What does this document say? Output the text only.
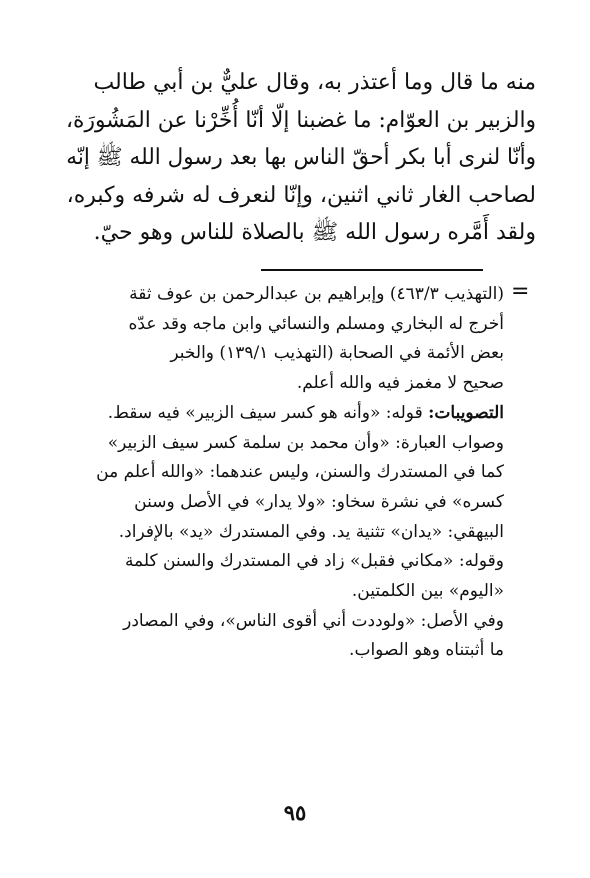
منه ما قال وما أعتذر به، وقال عليٌّ بن أبي طالب
والزبير بن العوّام: ما غضبنا إلّا أنّا أُخِّرْنا عن المَشُورَة،
وأنّا لنرى أبا بكر أحقّ الناس بها بعد رسول الله ﷺ إنّه
لصاحب الغار ثاني اثنين، وإنّا لنعرف له شرفه وكبره،
ولقد أَمَّره رسول الله ﷺ بالصلاة للناس وهو حيّ.
=
(التهذيب ٤٦٣/٣) وإبراهيم بن عبدالرحمن بن عوف ثقة
أخرج له البخاري ومسلم والنسائي وابن ماجه وقد عدّه
بعض الأئمة في الصحابة (التهذيب ١٣٩/١) والخبر
صحيح لا مغمز فيه والله أعلم.
التصويبات: قوله: «وأنه هو كسر سيف الزبير» فيه سقط.
وصواب العبارة: «وأن محمد بن سلمة كسر سيف الزبير»
كما في المستدرك والسنن، وليس عندهما: «والله أعلم من
كسره» في نشرة سخاو: «ولا يدار» في الأصل وسنن
البيهقي: «يدان» تثنية يد. وفي المستدرك «يد» بالإفراد.
وقوله: «مكاني فقبل» زاد في المستدرك والسنن كلمة
«اليوم» بين الكلمتين.
وفي الأصل: «ولوددت أني أقوى الناس»، وفي المصادر
ما أثبتناه وهو الصواب.
٩٥
